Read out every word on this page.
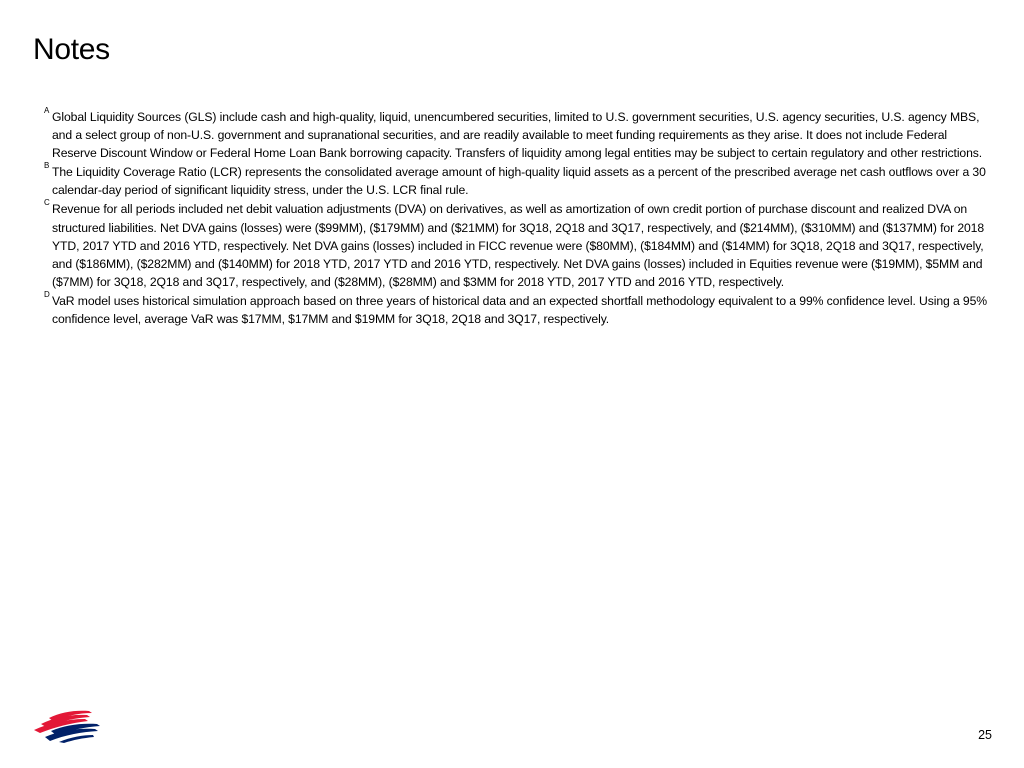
Notes

A Global Liquidity Sources (GLS) include cash and high-quality, liquid, unencumbered securities, limited to U.S. government securities, U.S. agency securities, U.S. agency MBS, and a select group of non-U.S. government and supranational securities, and are readily available to meet funding requirements as they arise. It does not include Federal Reserve Discount Window or Federal Home Loan Bank borrowing capacity. Transfers of liquidity among legal entities may be subject to certain regulatory and other restrictions.

B The Liquidity Coverage Ratio (LCR) represents the consolidated average amount of high-quality liquid assets as a percent of the prescribed average net cash outflows over a 30 calendar-day period of significant liquidity stress, under the U.S. LCR final rule.

C Revenue for all periods included net debit valuation adjustments (DVA) on derivatives, as well as amortization of own credit portion of purchase discount and realized DVA on structured liabilities. Net DVA gains (losses) were ($99MM), ($179MM) and ($21MM) for 3Q18, 2Q18 and 3Q17, respectively, and ($214MM), ($310MM) and ($137MM) for 2018 YTD, 2017 YTD and 2016 YTD, respectively. Net DVA gains (losses) included in FICC revenue were ($80MM), ($184MM) and ($14MM) for 3Q18, 2Q18 and 3Q17, respectively, and ($186MM), ($282MM) and ($140MM) for 2018 YTD, 2017 YTD and 2016 YTD, respectively. Net DVA gains (losses) included in Equities revenue were ($19MM), $5MM and ($7MM) for 3Q18, 2Q18 and 3Q17, respectively, and ($28MM), ($28MM) and $3MM for 2018 YTD, 2017 YTD and 2016 YTD, respectively.

D VaR model uses historical simulation approach based on three years of historical data and an expected shortfall methodology equivalent to a 99% confidence level. Using a 95% confidence level, average VaR was $17MM, $17MM and $19MM for 3Q18, 2Q18 and 3Q17, respectively.

25
